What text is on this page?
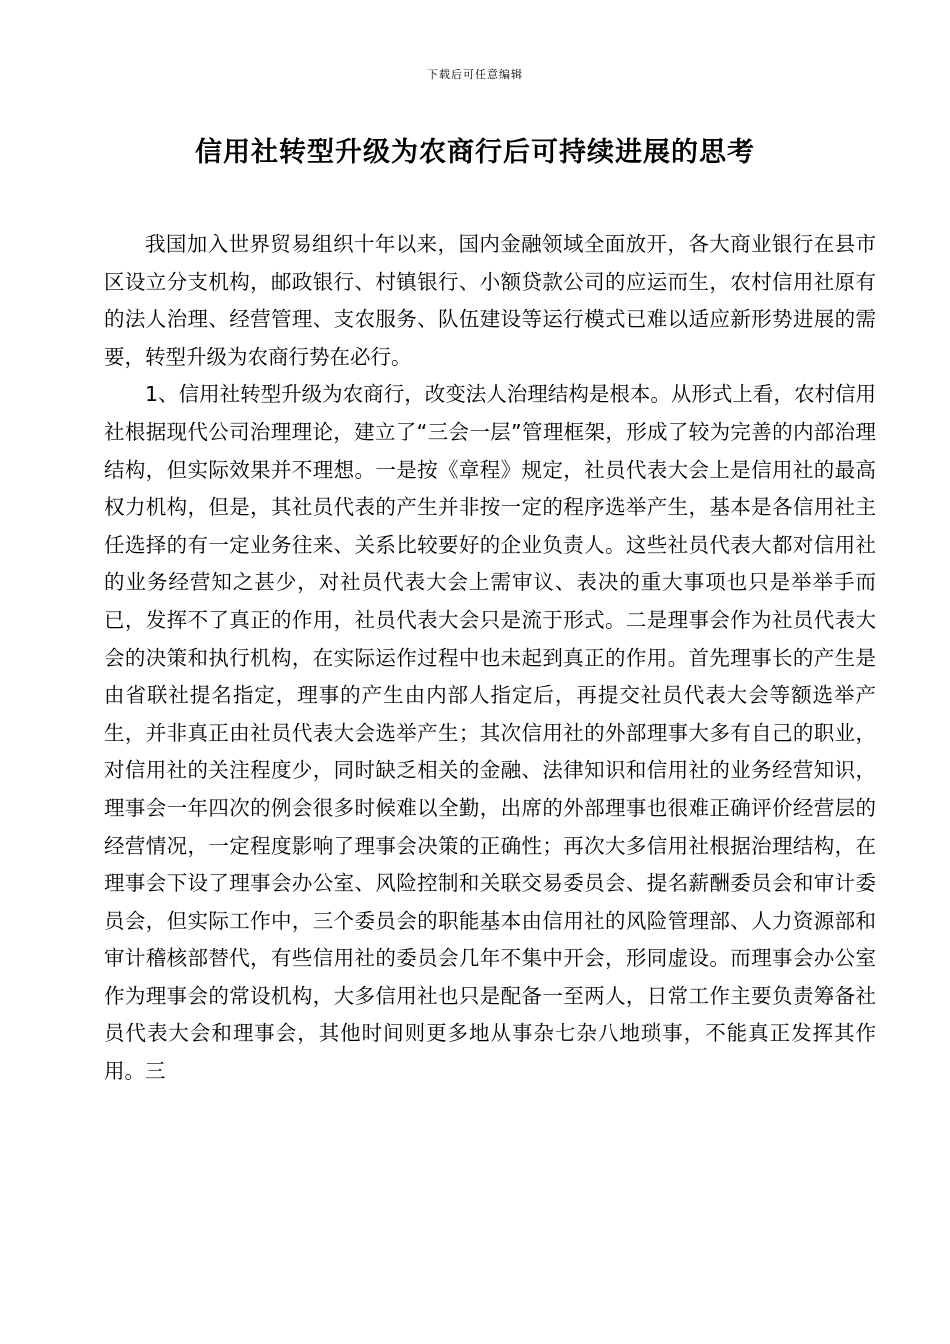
下载后可任意编辑
信用社转型升级为农商行后可持续进展的思考

我国加入世界贸易组织十年以来，国内金融领域全面放开，各大商业银行在县市区设立分支机构，邮政银行、村镇银行、小额贷款公司的应运而生，农村信用社原有的法人治理、经营管理、支农服务、队伍建设等运行模式已难以适应新形势进展的需要，转型升级为农商行势在必行。

1、信用社转型升级为农商行，改变法人治理结构是根本。从形式上看，农村信用社根据现代公司治理理论，建立了“三会一层”管理框架，形成了较为完善的内部治理结构，但实际效果并不理想。一是按《章程》规定，社员代表大会上是信用社的最高权力机构，但是，其社员代表的产生并非按一定的程序选举产生，基本是各信用社主任选择的有一定业务往来、关系比较要好的企业负责人。这些社员代表大都对信用社的业务经营知之甚少，对社员代表大会上需审议、表决的重大事项也只是举举手而已，发挥不了真正的作用，社员代表大会只是流于形式。二是理事会作为社员代表大会的决策和执行机构，在实际运作过程中也未起到真正的作用。首先理事长的产生是由省联社提名指定，理事的产生由内部人指定后，再提交社员代表大会等额选举产生，并非真正由社员代表大会选举产生；其次信用社的外部理事大多有自己的职业，对信用社的关注程度少，同时缺乏相关的金融、法律知识和信用社的业务经营知识，理事会一年四次的例会很多时候难以全勤，出席的外部理事也很难正确评价经营层的经营情况，一定程度影响了理事会决策的正确性；再次大多信用社根据治理结构，在理事会下设了理事会办公室、风险控制和关联交易委员会、提名薪酬委员会和审计委员会，但实际工作中，三个委员会的职能基本由信用社的风险管理部、人力资源部和审计稽核部替代，有些信用社的委员会几年不集中开会，形同虚设。而理事会办公室作为理事会的常设机构，大多信用社也只是配备一至两人，日常工作主要负责筹备社员代表大会和理事会，其他时间则更多地从事杂七杂八地琐事，不能真正发挥其作用。三
